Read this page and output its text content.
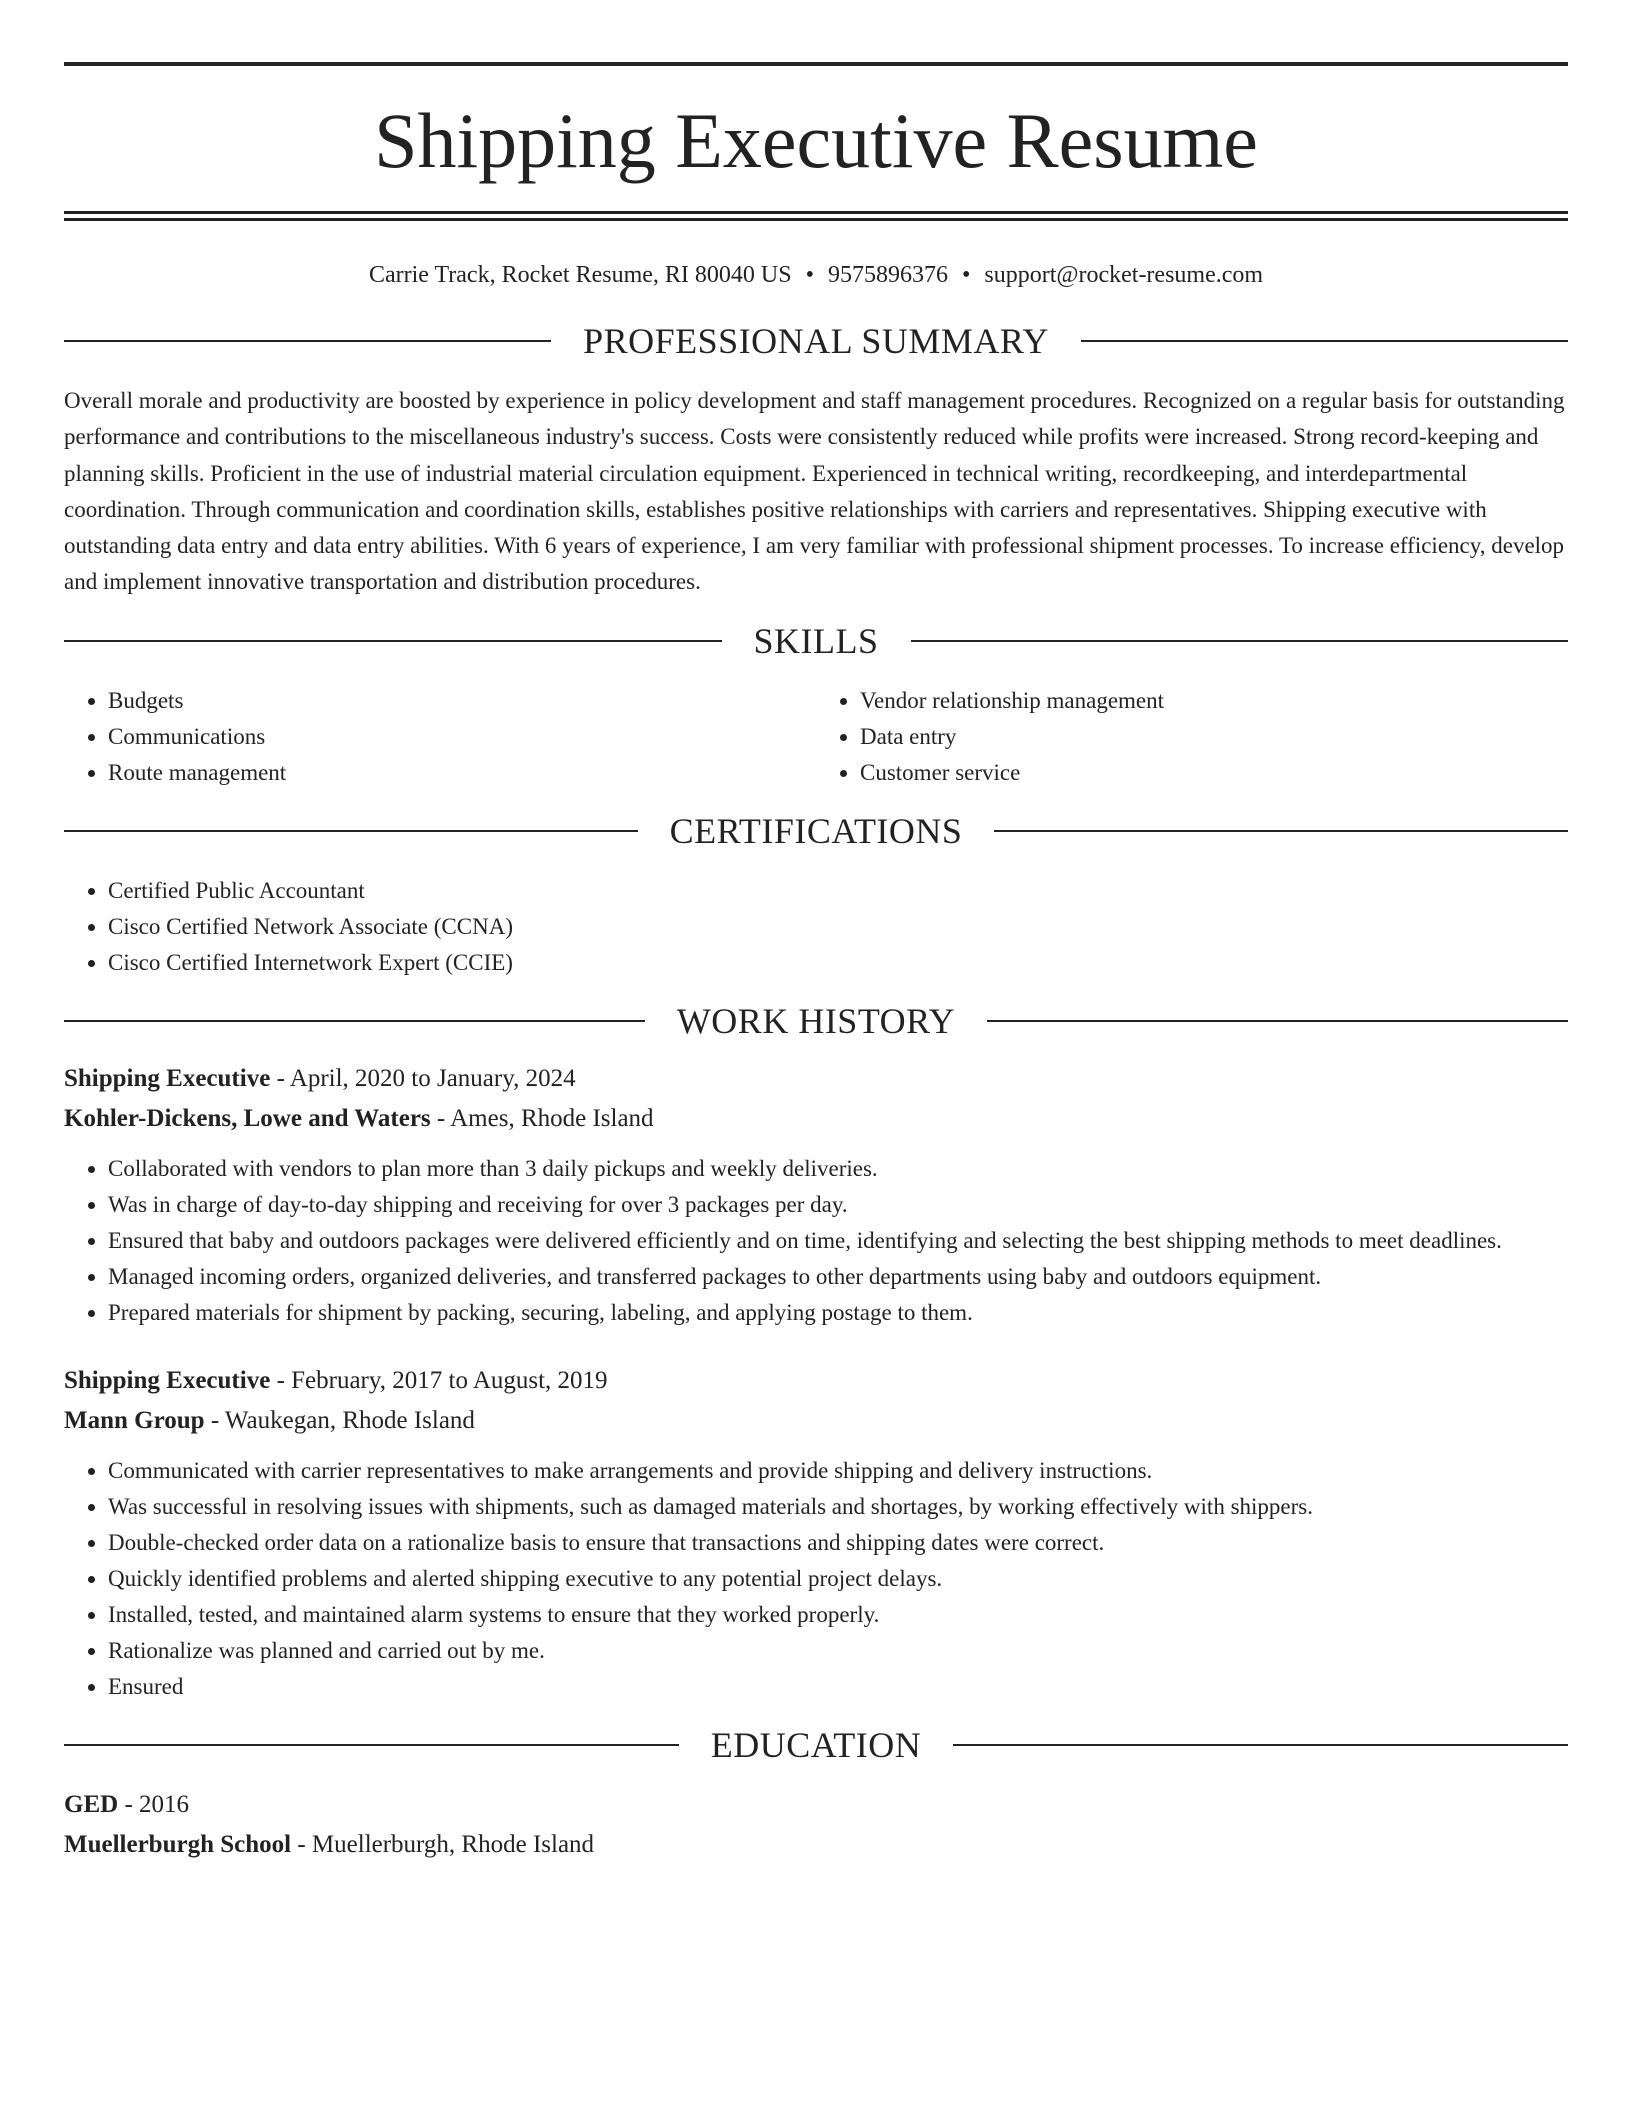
Shipping Executive Resume
Carrie Track, Rocket Resume, RI 80040 US • 9575896376 • support@rocket-resume.com
PROFESSIONAL SUMMARY
Overall morale and productivity are boosted by experience in policy development and staff management procedures. Recognized on a regular basis for outstanding performance and contributions to the miscellaneous industry's success. Costs were consistently reduced while profits were increased. Strong record-keeping and planning skills. Proficient in the use of industrial material circulation equipment. Experienced in technical writing, recordkeeping, and interdepartmental coordination. Through communication and coordination skills, establishes positive relationships with carriers and representatives. Shipping executive with outstanding data entry and data entry abilities. With 6 years of experience, I am very familiar with professional shipment processes. To increase efficiency, develop and implement innovative transportation and distribution procedures.
SKILLS
• Budgets
• Communications
• Route management
• Vendor relationship management
• Data entry
• Customer service
CERTIFICATIONS
• Certified Public Accountant
• Cisco Certified Network Associate (CCNA)
• Cisco Certified Internetwork Expert (CCIE)
WORK HISTORY
Shipping Executive - April, 2020 to January, 2024
Kohler-Dickens, Lowe and Waters - Ames, Rhode Island
• Collaborated with vendors to plan more than 3 daily pickups and weekly deliveries.
• Was in charge of day-to-day shipping and receiving for over 3 packages per day.
• Ensured that baby and outdoors packages were delivered efficiently and on time, identifying and selecting the best shipping methods to meet deadlines.
• Managed incoming orders, organized deliveries, and transferred packages to other departments using baby and outdoors equipment.
• Prepared materials for shipment by packing, securing, labeling, and applying postage to them.
Shipping Executive - February, 2017 to August, 2019
Mann Group - Waukegan, Rhode Island
• Communicated with carrier representatives to make arrangements and provide shipping and delivery instructions.
• Was successful in resolving issues with shipments, such as damaged materials and shortages, by working effectively with shippers.
• Double-checked order data on a rationalize basis to ensure that transactions and shipping dates were correct.
• Quickly identified problems and alerted shipping executive to any potential project delays.
• Installed, tested, and maintained alarm systems to ensure that they worked properly.
• Rationalize was planned and carried out by me.
• Ensured
EDUCATION
GED - 2016
Muellerburgh School - Muellerburgh, Rhode Island
